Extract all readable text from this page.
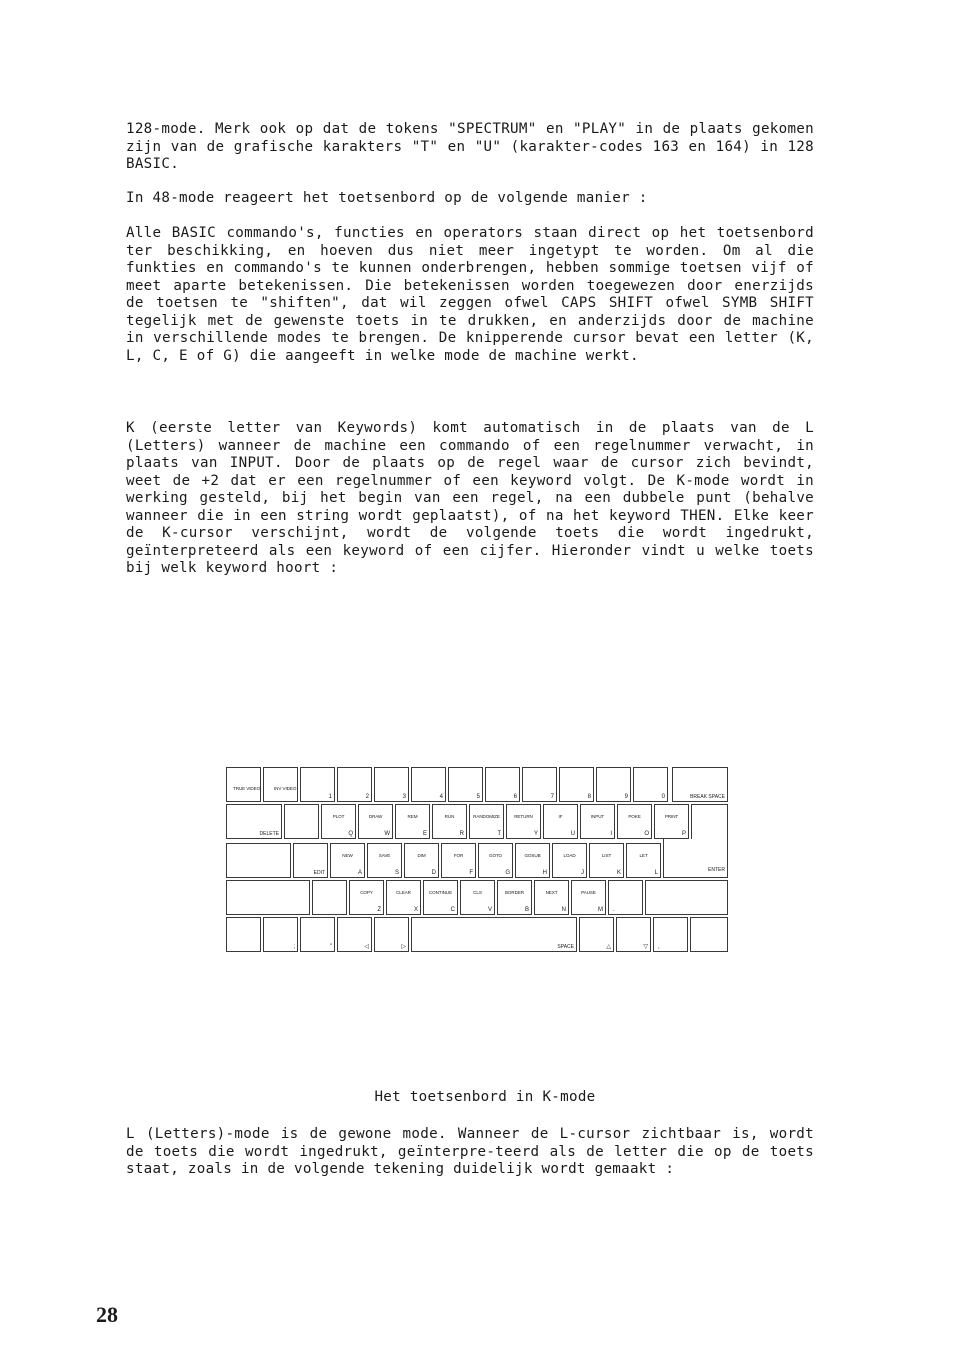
128-mode. Merk ook op dat de tokens "SPECTRUM" en "PLAY" in de plaats gekomen zijn van de grafische karakters "T" en "U" (karakter-codes 163 en 164) in 128 BASIC.

In 48-mode reageert het toetsenbord op de volgende manier :

Alle BASIC commando's, functies en operators staan direct op het toetsenbord ter beschikking, en hoeven dus niet meer ingetypt te worden. Om al die funkties en commando's te kunnen onderbrengen, hebben sommige toetsen vijf of meet aparte betekenissen. Die betekenissen worden toegewezen door enerzijds de toetsen te "shiften", dat wil zeggen ofwel CAPS SHIFT ofwel SYMB SHIFT tegelijk met de gewenste toets in te drukken, en anderzijds door de machine in verschillende modes te brengen. De knipperende cursor bevat een letter (K, L, C, E of G) die aangeeft in welke mode de machine werkt.

K (eerste letter van Keywords) komt automatisch in de plaats van de L (Letters) wanneer de machine een commando of een regelnummer verwacht, in plaats van INPUT. Door de plaats op de regel waar de cursor zich bevindt, weet de +2 dat er een regelnummer of een keyword volgt. De K-mode wordt in werking gesteld, bij het begin van een regel, na een dubbele punt (behalve wanneer die in een string wordt geplaatst), of na het keyword THEN. Elke keer de K-cursor verschijnt, wordt de volgende toets die wordt ingedrukt, geïnterpreteerd als een keyword of een cijfer. Hieronder vindt u welke toets bij welk keyword hoort :

TRUE VIDEO	INV VIDEO
1	2	3	4	5	6	7	8	9	0	BREAK SPACE
DELETE
PLOT
Q
DRAW
W
REM
E
RUN
R
RANDOMIZE
T
RETURN
Y
IF
U
INPUT
I
POKE
O
PRINT
P
EDIT
NEW
A
SAVE
S
DIM
D
FOR
F
GOTO
G
GOSUB
H
LOAD
J
LIST
K
LET
L	ENTER
COPY
Z
CLEAR
X
CONTINUE
C
CLS
V
BORDER
B
NEXT
N
PAUSE
M .
;	"	◁	▷	SPACE	△	▽ ,

Het toetsenbord in K-mode

L (Letters)-mode is de gewone mode. Wanneer de L-cursor zichtbaar is, wordt de toets die wordt ingedrukt, geïnterpre-teerd als de letter die op de toets staat, zoals in de volgende tekening duidelijk wordt gemaakt :

28
